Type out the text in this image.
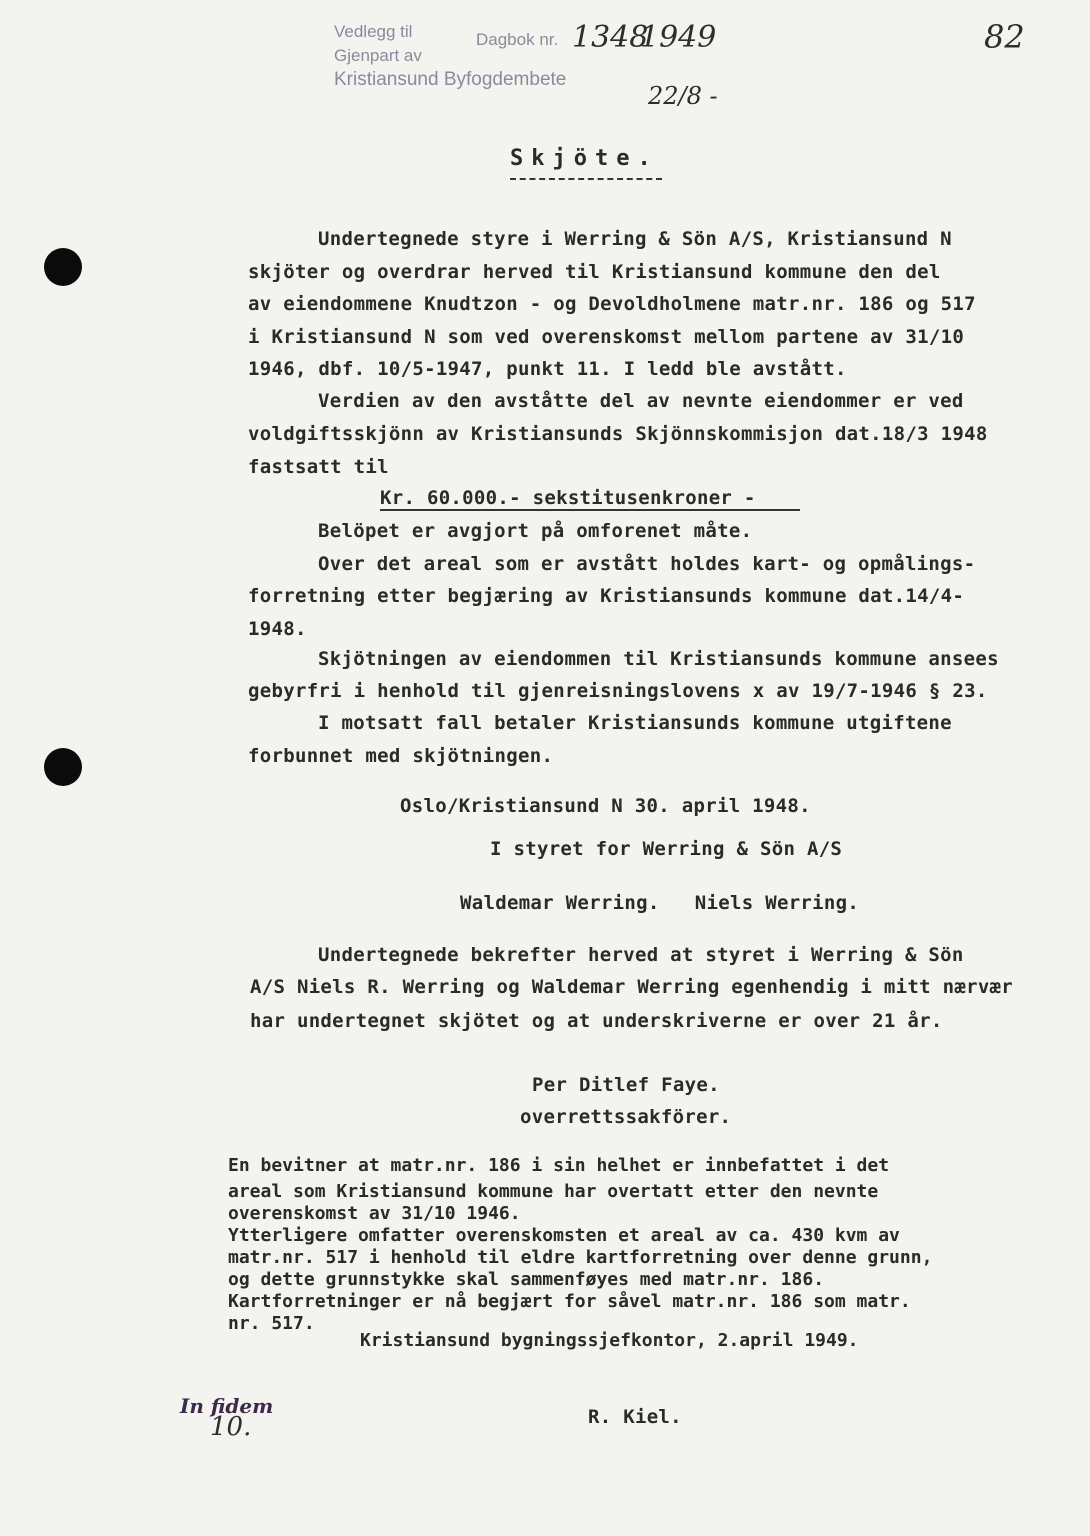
Vedlegg til
Gjenpart av
Kristiansund Byfogdembete
Dagbok nr. 1348
1949
22/8 -
82
Skjöte.
Undertegnede styre i Werring & Sön A/S, Kristiansund N
skjöter og overdrar herved til Kristiansund kommune den del
av eiendommene Knudtzon - og Devoldholmene matr.nr. 186 og 517
i Kristiansund N som ved overenskomst mellom partene av 31/10
1946, dbf. 10/5-1947, punkt 11. I ledd ble avstått.
Verdien av den avståtte del av nevnte eiendommer er ved
voldgiftsskjönn av Kristiansunds Skjönnskommisjon dat.18/3 1948
fastsatt til
Kr. 60.000.- sekstitusenkroner -
Belöpet er avgjort på omforenet måte.
Over det areal som er avstått holdes kart- og opmålings-
forretning etter begjæring av Kristiansunds kommune dat.14/4-
1948.
Skjötningen av eiendommen til Kristiansunds kommune ansees
gebyrfri i henhold til gjenreisningslovens x av 19/7-1946 § 23.
I motsatt fall betaler Kristiansunds kommune utgiftene
forbunnet med skjötningen.
Oslo/Kristiansund N 30. april 1948.
I styret for Werring & Sön A/S
Waldemar Werring.   Niels Werring.
Undertegnede bekrefter herved at styret i Werring & Sön
A/S Niels R. Werring og Waldemar Werring egenhendig i mitt nærvær
har undertegnet skjötet og at underskriverne er over 21 år.
Per Ditlef Faye.
overrettssakförer.
En bevitner at matr.nr. 186 i sin helhet er innbefattet i det
areal som Kristiansund kommune har overtatt etter den nevnte
overenskomst av 31/10 1946.
Ytterligere omfatter overenskomsten et areal av ca. 430 kvm av
matr.nr. 517 i henhold til eldre kartforretning over denne grunn,
og dette grunnstykke skal sammenføyes med matr.nr. 186.
Kartforretninger er nå begjært for såvel matr.nr. 186 som matr.
nr. 517.
Kristiansund bygningssjefkontor, 2.april 1949.
In fidem
10.	R. Kiel.
